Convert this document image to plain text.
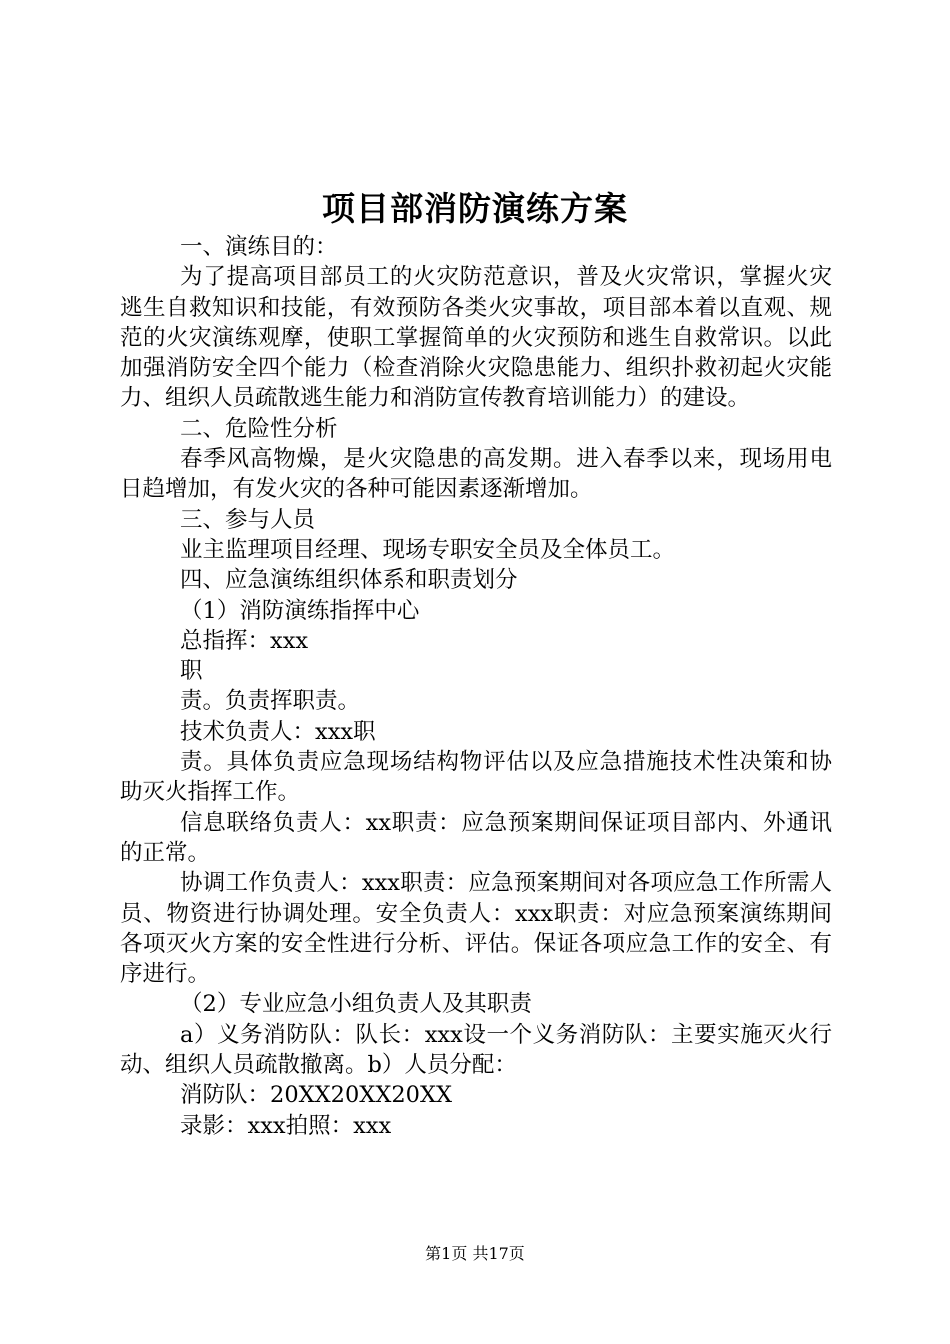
项目部消防演练方案

一、演练目的：

为了提高项目部员工的火灾防范意识，普及火灾常识，掌握火灾逃生自救知识和技能，有效预防各类火灾事故，项目部本着以直观、规范的火灾演练观摩，使职工掌握简单的火灾预防和逃生自救常识。以此加强消防安全四个能力（检查消除火灾隐患能力、组织扑救初起火灾能力、组织人员疏散逃生能力和消防宣传教育培训能力）的建设。

二、危险性分析

春季风高物燥，是火灾隐患的高发期。进入春季以来，现场用电日趋增加，有发火灾的各种可能因素逐渐增加。

三、参与人员

业主监理项目经理、现场专职安全员及全体员工。

四、应急演练组织体系和职责划分

（1）消防演练指挥中心

总指挥：xxx

职

责。负责挥职责。

技术负责人：xxx职

责。具体负责应急现场结构物评估以及应急措施技术性决策和协助灭火指挥工作。

信息联络负责人：xx职责：应急预案期间保证项目部内、外通讯的正常。

协调工作负责人：xxx职责：应急预案期间对各项应急工作所需人员、物资进行协调处理。安全负责人：xxx职责：对应急预案演练期间各项灭火方案的安全性进行分析、评估。保证各项应急工作的安全、有序进行。

（2）专业应急小组负责人及其职责

a）义务消防队：队长：xxx设一个义务消防队：主要实施灭火行动、组织人员疏散撤离。b）人员分配：

消防队：20XX20XX20XX

录影：xxx拍照：xxx

第1页 共17页
